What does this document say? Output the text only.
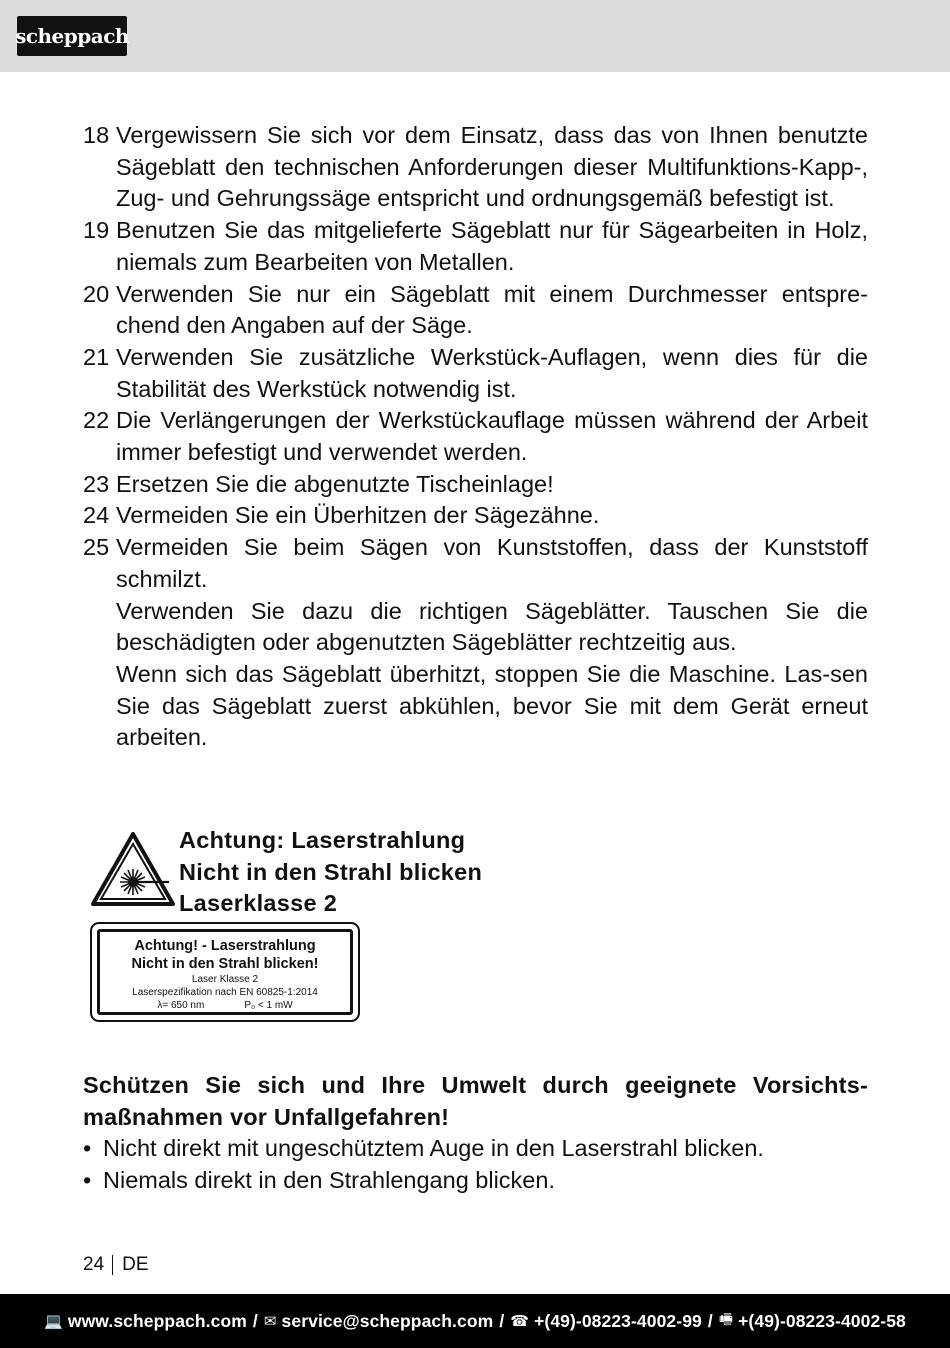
scheppach
18 Vergewissern Sie sich vor dem Einsatz, dass das von Ihnen benutzte Sägeblatt den technischen Anforderungen dieser Multifunktions-Kapp-, Zug- und Gehrungssäge entspricht und ordnungsgemäß befestigt ist.

19 Benutzen Sie das mitgelieferte Sägeblatt nur für Sägearbeiten in Holz, niemals zum Bearbeiten von Metallen.

20 Verwenden Sie nur ein Sägeblatt mit einem Durchmesser entspre-chend den Angaben auf der Säge.

21 Verwenden Sie zusätzliche Werkstück-Auflagen, wenn dies für die Stabilität des Werkstück notwendig ist.

22 Die Verlängerungen der Werkstückauflage müssen während der Arbeit immer befestigt und verwendet werden.

23 Ersetzen Sie die abgenutzte Tischeinlage!

24 Vermeiden Sie ein Überhitzen der Sägezähne.

25 Vermeiden Sie beim Sägen von Kunststoffen, dass der Kunststoff schmilzt.

Verwenden Sie dazu die richtigen Sägeblätter. Tauschen Sie die beschädigten oder abgenutzten Sägeblätter rechtzeitig aus.

Wenn sich das Sägeblatt überhitzt, stoppen Sie die Maschine. Las-sen Sie das Sägeblatt zuerst abkühlen, bevor Sie mit dem Gerät erneut arbeiten.

Achtung: Laserstrahlung
Nicht in den Strahl blicken
Laserklasse 2
Achtung! - Laserstrahlung
Nicht in den Strahl blicken!
Laser Klasse 2
Laserspezifikation nach EN 60825-1:2014
λ= 650 nm	P₀ < 1 mW
Schützen Sie sich und Ihre Umwelt durch geeignete Vorsichts-maßnahmen vor Unfallgefahren!
• Nicht direkt mit ungeschütztem Auge in den Laserstrahl blicken.
• Niemals direkt in den Strahlengang blicken.
24 DE
💻 www.scheppach.com / ✉ service@scheppach.com / ☎ +(49)-08223-4002-99 / 🖷 +(49)-08223-4002-58
